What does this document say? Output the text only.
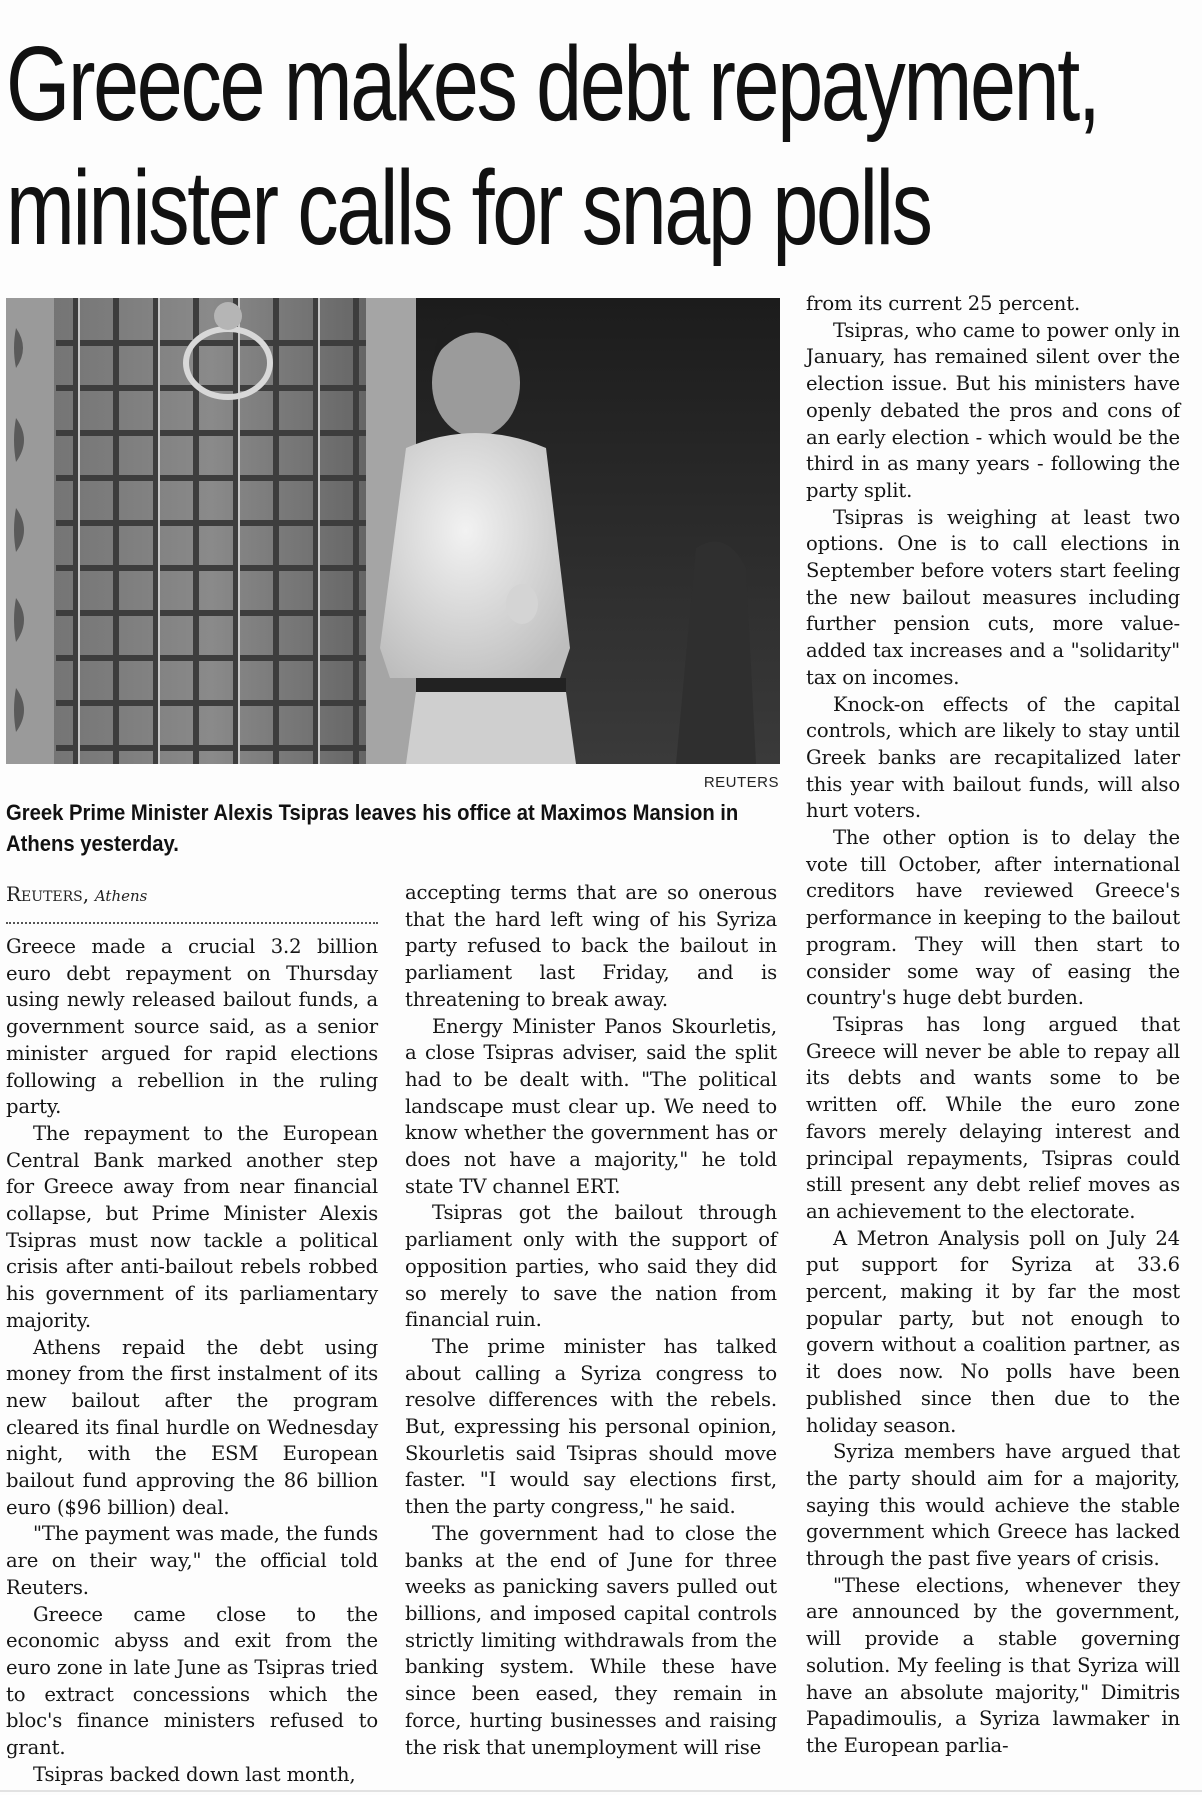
Greece makes debt repayment,
minister calls for snap polls
REUTERS
Greek Prime Minister Alexis Tsipras leaves his office at Maximos Mansion in Athens yesterday.
Reuters, Athens

Greece made a crucial 3.2 billion euro debt repayment on Thursday using newly released bailout funds, a government source said, as a senior minister argued for rapid elections following a rebellion in the ruling party.

The repayment to the European Central Bank marked another step for Greece away from near financial collapse, but Prime Minister Alexis Tsipras must now tackle a political crisis after anti-bailout rebels robbed his government of its parliamentary majority.

Athens repaid the debt using money from the first instalment of its new bailout after the program cleared its final hurdle on Wednesday night, with the ESM European bailout fund approving the 86 billion euro ($96 billion) deal.

"The payment was made, the funds are on their way," the official told Reuters.

Greece came close to the economic abyss and exit from the euro zone in late June as Tsipras tried to extract concessions which the bloc's finance ministers refused to grant.

Tsipras backed down last month,

accepting terms that are so onerous that the hard left wing of his Syriza party refused to back the bailout in parliament last Friday, and is threatening to break away.

Energy Minister Panos Skourletis, a close Tsipras adviser, said the split had to be dealt with. "The political landscape must clear up. We need to know whether the government has or does not have a majority," he told state TV channel ERT.

Tsipras got the bailout through parliament only with the support of opposition parties, who said they did so merely to save the nation from financial ruin.

The prime minister has talked about calling a Syriza congress to resolve differences with the rebels. But, expressing his personal opinion, Skourletis said Tsipras should move faster. "I would say elections first, then the party congress," he said.

The government had to close the banks at the end of June for three weeks as panicking savers pulled out billions, and imposed capital controls strictly limiting withdrawals from the banking system. While these have since been eased, they remain in force, hurting businesses and raising the risk that unemployment will rise

from its current 25 percent.

Tsipras, who came to power only in January, has remained silent over the election issue. But his ministers have openly debated the pros and cons of an early election - which would be the third in as many years - following the party split.

Tsipras is weighing at least two options. One is to call elections in September before voters start feeling the new bailout measures including further pension cuts, more value-added tax increases and a "solidarity" tax on incomes.

Knock-on effects of the capital controls, which are likely to stay until Greek banks are recapitalized later this year with bailout funds, will also hurt voters.

The other option is to delay the vote till October, after international creditors have reviewed Greece's performance in keeping to the bailout program. They will then start to consider some way of easing the country's huge debt burden.

Tsipras has long argued that Greece will never be able to repay all its debts and wants some to be written off. While the euro zone favors merely delaying interest and principal repayments, Tsipras could still present any debt relief moves as an achievement to the electorate.

A Metron Analysis poll on July 24 put support for Syriza at 33.6 percent, making it by far the most popular party, but not enough to govern without a coalition partner, as it does now. No polls have been published since then due to the holiday season.

Syriza members have argued that the party should aim for a majority, saying this would achieve the stable government which Greece has lacked through the past five years of crisis.

"These elections, whenever they are announced by the government, will provide a stable governing solution. My feeling is that Syriza will have an absolute majority," Dimitris Papadimoulis, a Syriza lawmaker in the European parlia-
